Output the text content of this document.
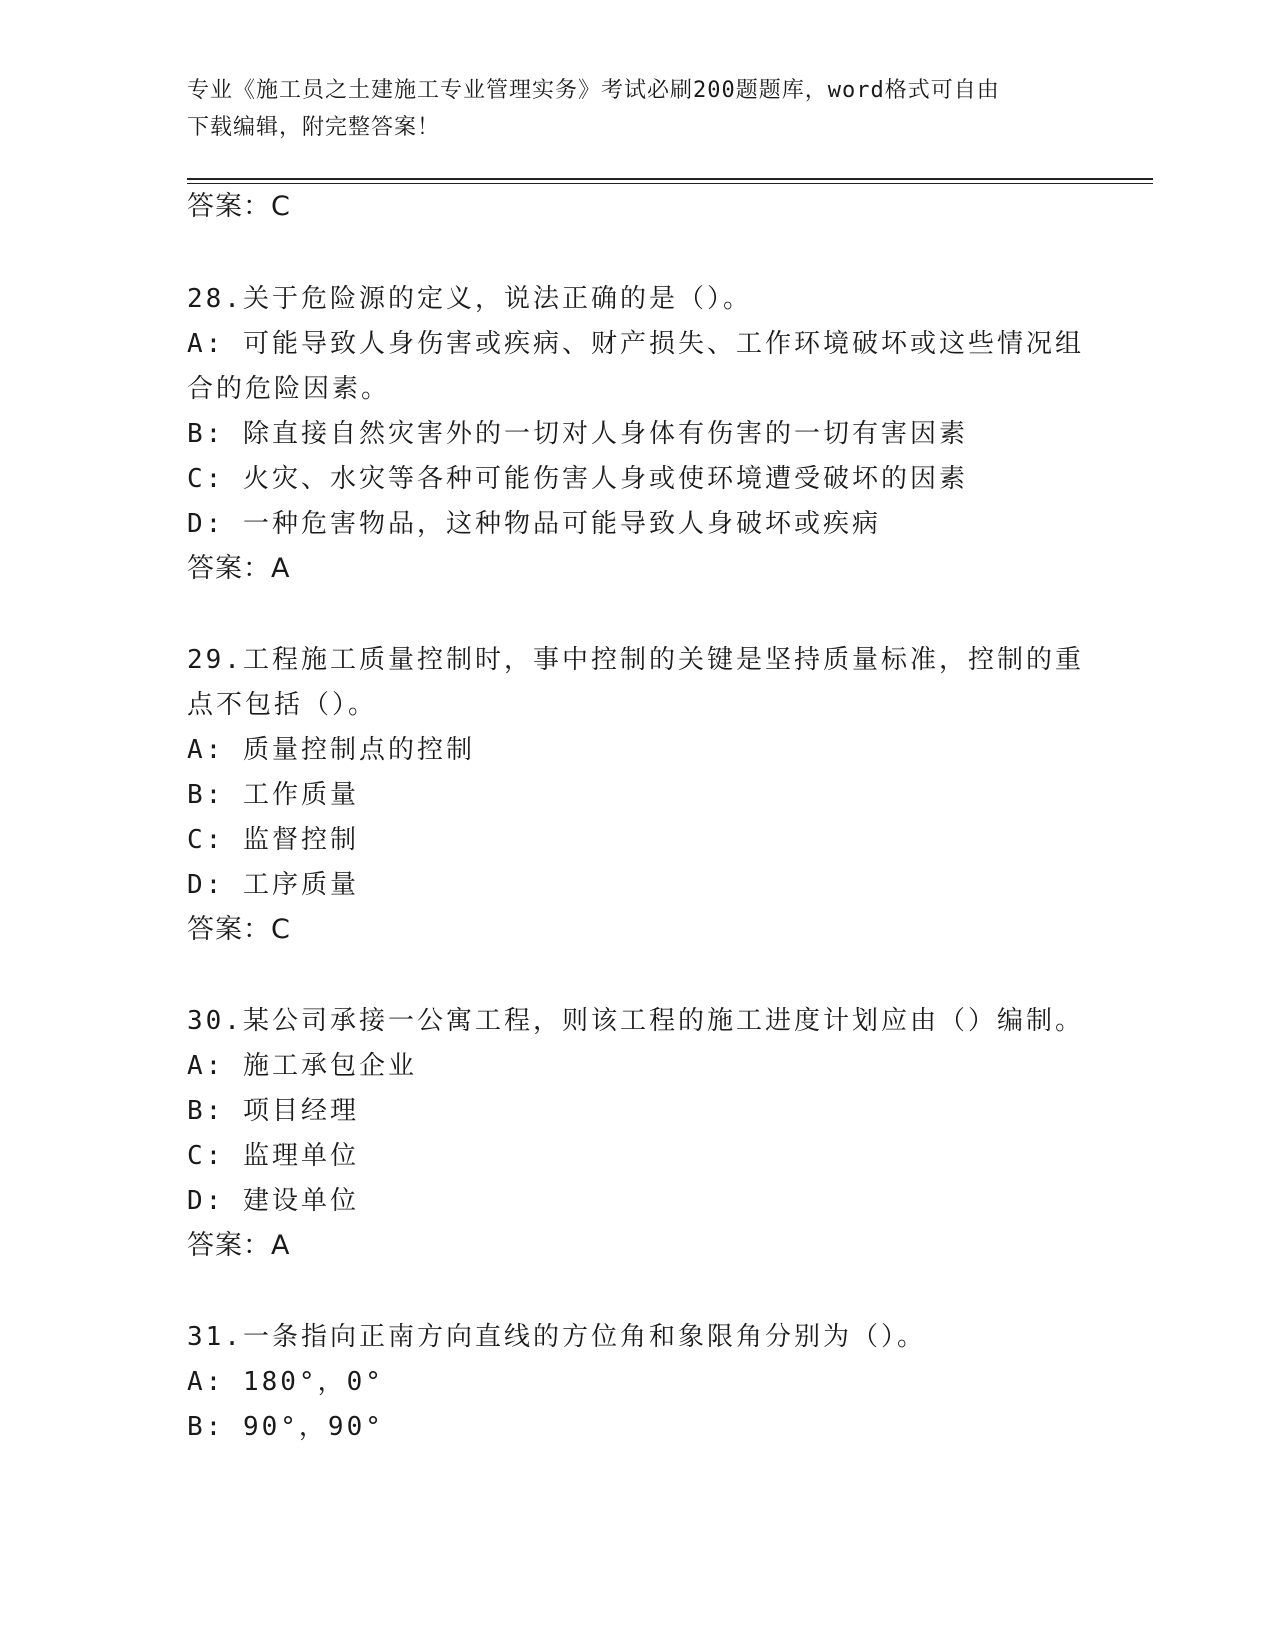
专业《施工员之土建施工专业管理实务》考试必刷200题题库，word格式可自由
下载编辑，附完整答案！
答案：C
28.关于危险源的定义，说法正确的是（）。
A: 可能导致人身伤害或疾病、财产损失、工作环境破坏或这些情况组
合的危险因素。
B: 除直接自然灾害外的一切对人身体有伤害的一切有害因素
C: 火灾、水灾等各种可能伤害人身或使环境遭受破坏的因素
D: 一种危害物品，这种物品可能导致人身破坏或疾病
答案：A
29.工程施工质量控制时，事中控制的关键是坚持质量标准，控制的重
点不包括（）。
A: 质量控制点的控制
B: 工作质量
C: 监督控制
D: 工序质量
答案：C
30.某公司承接一公寓工程，则该工程的施工进度计划应由（）编制。
A: 施工承包企业
B: 项目经理
C: 监理单位
D: 建设单位
答案：A
31.一条指向正南方向直线的方位角和象限角分别为（）。
A: 180°，0°
B: 90°，90°
